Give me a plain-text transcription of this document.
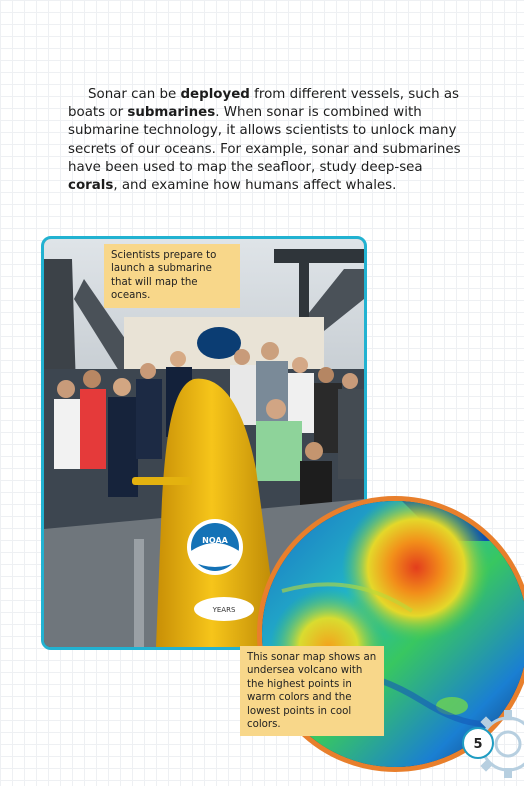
Sonar can be deployed from different vessels, such as boats or submarines. When sonar is combined with submarine technology, it allows scientists to unlock many secrets of our oceans. For example, sonar and submarines have been used to map the seafloor, study deep-sea corals, and examine how humans affect whales.

NOAA
YEARS
Scientists prepare to launch a submarine that will map the oceans.
This sonar map shows an undersea volcano with the highest points in warm colors and the lowest points in cool colors.
5
